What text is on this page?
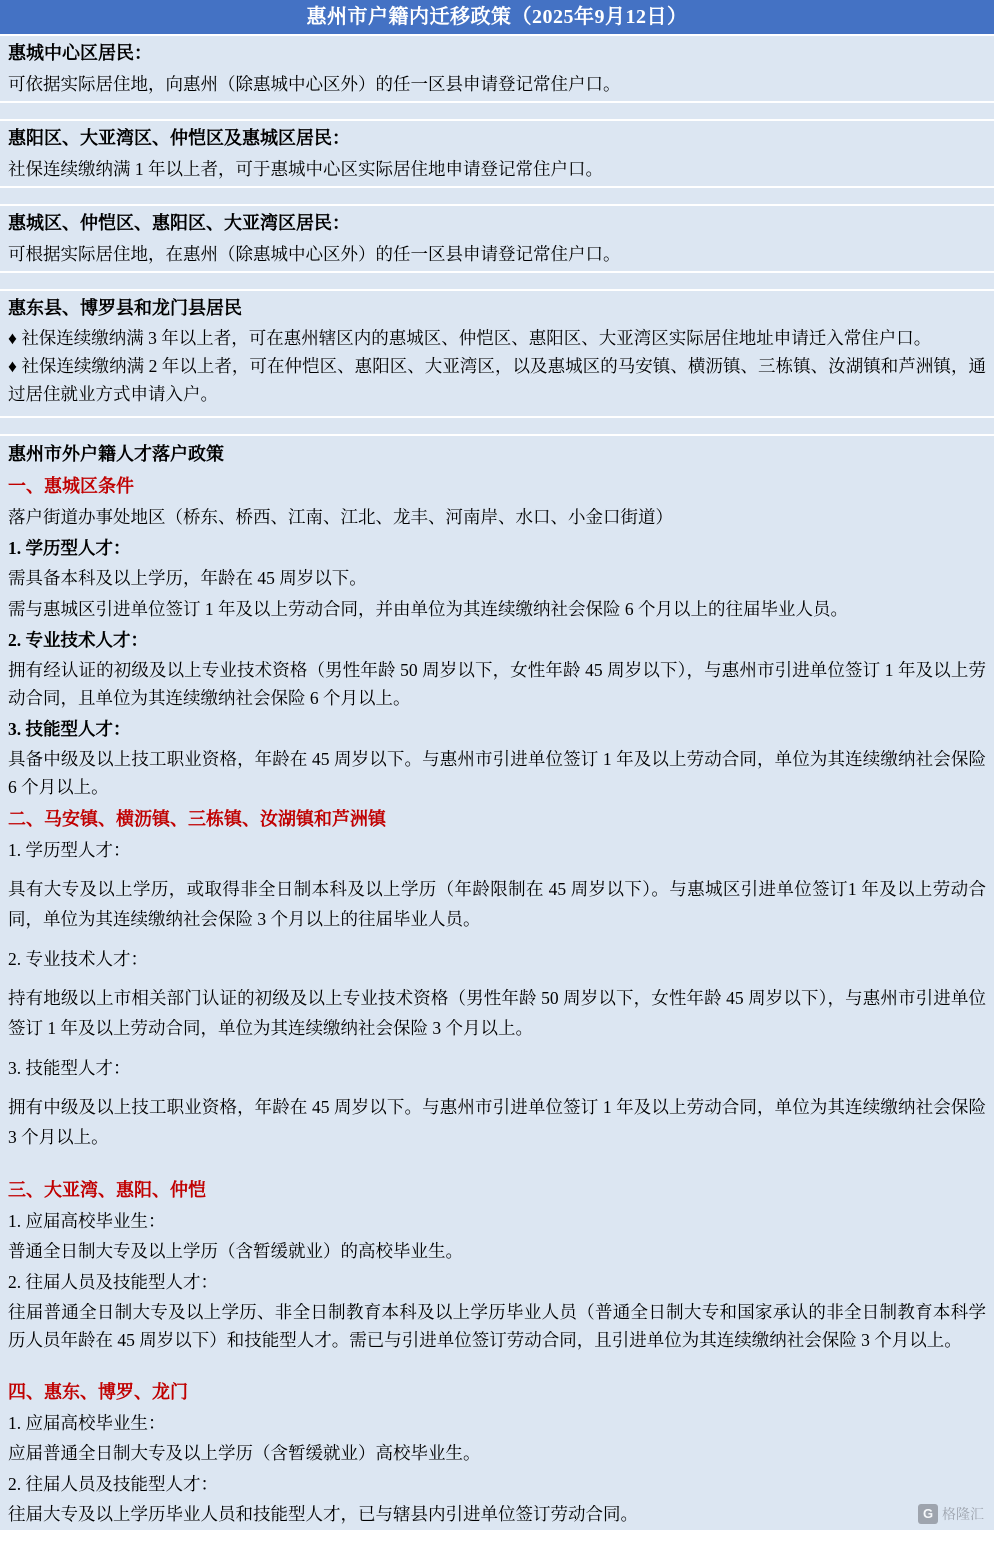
惠州市户籍内迁移政策（2025年9月12日）
惠城中心区居民：
可依据实际居住地，向惠州（除惠城中心区外）的任一区县申请登记常住户口。
惠阳区、大亚湾区、仲恺区及惠城区居民：
社保连续缴纳满 1 年以上者，可于惠城中心区实际居住地申请登记常住户口。
惠城区、仲恺区、惠阳区、大亚湾区居民：
可根据实际居住地，在惠州（除惠城中心区外）的任一区县申请登记常住户口。
惠东县、博罗县和龙门县居民
♦ 社保连续缴纳满 3 年以上者，可在惠州辖区内的惠城区、仲恺区、惠阳区、大亚湾区实际居住地址申请迁入常住户口。
♦ 社保连续缴纳满 2 年以上者，可在仲恺区、惠阳区、大亚湾区，以及惠城区的马安镇、横沥镇、三栋镇、汝湖镇和芦洲镇，通过居住就业方式申请入户。
惠州市外户籍人才落户政策
一、惠城区条件
落户街道办事处地区（桥东、桥西、江南、江北、龙丰、河南岸、水口、小金口街道）
1. 学历型人才：
需具备本科及以上学历，年龄在 45 周岁以下。
需与惠城区引进单位签订 1 年及以上劳动合同，并由单位为其连续缴纳社会保险 6 个月以上的往届毕业人员。
2. 专业技术人才：
拥有经认证的初级及以上专业技术资格（男性年龄 50 周岁以下，女性年龄 45 周岁以下），与惠州市引进单位签订 1 年及以上劳动合同，且单位为其连续缴纳社会保险 6 个月以上。
3. 技能型人才：
具备中级及以上技工职业资格，年龄在 45 周岁以下。与惠州市引进单位签订 1 年及以上劳动合同，单位为其连续缴纳社会保险 6 个月以上。
二、马安镇、横沥镇、三栋镇、汝湖镇和芦洲镇
1. 学历型人才：
具有大专及以上学历，或取得非全日制本科及以上学历（年龄限制在 45 周岁以下）。与惠城区引进单位签订1 年及以上劳动合同，单位为其连续缴纳社会保险 3 个月以上的往届毕业人员。
2. 专业技术人才：
持有地级以上市相关部门认证的初级及以上专业技术资格（男性年龄 50 周岁以下，女性年龄 45 周岁以下），与惠州市引进单位签订 1 年及以上劳动合同，单位为其连续缴纳社会保险 3 个月以上。
3. 技能型人才：
拥有中级及以上技工职业资格，年龄在 45 周岁以下。与惠州市引进单位签订 1 年及以上劳动合同，单位为其连续缴纳社会保险 3 个月以上。
三、大亚湾、惠阳、仲恺
1. 应届高校毕业生：
普通全日制大专及以上学历（含暂缓就业）的高校毕业生。
2. 往届人员及技能型人才：
往届普通全日制大专及以上学历、非全日制教育本科及以上学历毕业人员（普通全日制大专和国家承认的非全日制教育本科学历人员年龄在 45 周岁以下）和技能型人才。需已与引进单位签订劳动合同，且引进单位为其连续缴纳社会保险 3 个月以上。
四、惠东、博罗、龙门
1. 应届高校毕业生：
应届普通全日制大专及以上学历（含暂缓就业）高校毕业生。
2. 往届人员及技能型人才：
往届大专及以上学历毕业人员和技能型人才，已与辖县内引进单位签订劳动合同。	G 格隆汇
